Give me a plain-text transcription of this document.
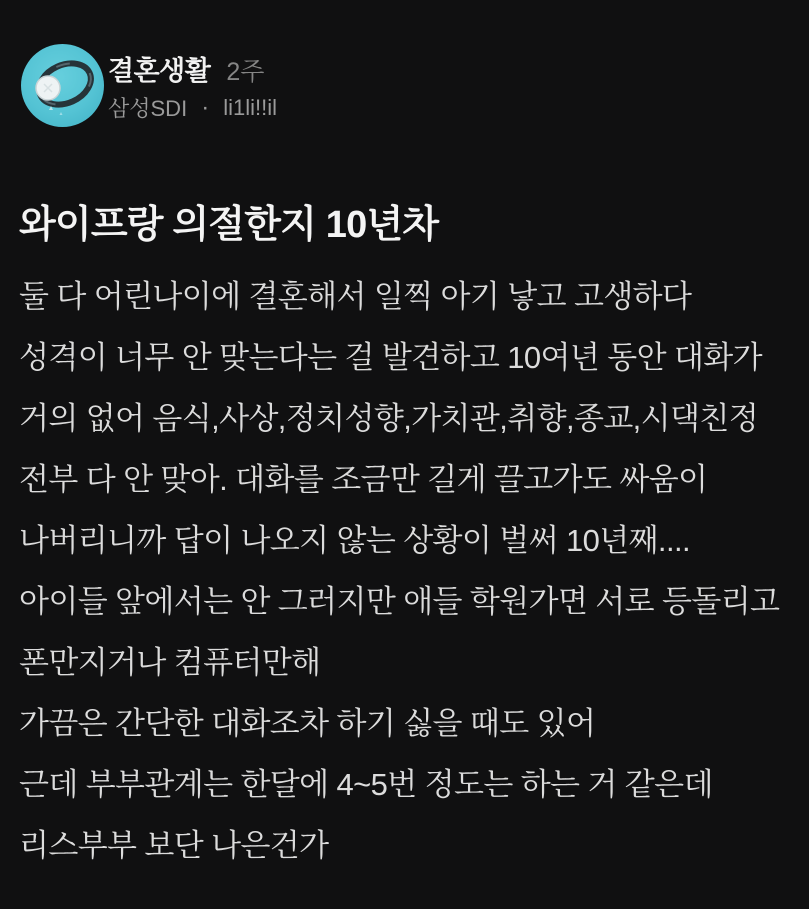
결혼생활 2주
삼성SDI · li1li!!il
와이프랑 의절한지 10년차

둘 다 어린나이에 결혼해서 일찍 아기 낳고 고생하다

성격이 너무 안 맞는다는 걸 발견하고 10여년 동안 대화가

거의 없어 음식,사상,정치성향,가치관,취향,종교,시댁친정

전부 다 안 맞아. 대화를 조금만 길게 끌고가도 싸움이

나버리니까 답이 나오지 않는 상황이 벌써 10년째....

아이들 앞에서는 안 그러지만 애들 학원가면 서로 등돌리고

폰만지거나 컴퓨터만해

가끔은 간단한 대화조차 하기 싫을 때도 있어

근데 부부관계는 한달에 4~5번 정도는 하는 거 같은데

리스부부 보단 나은건가
